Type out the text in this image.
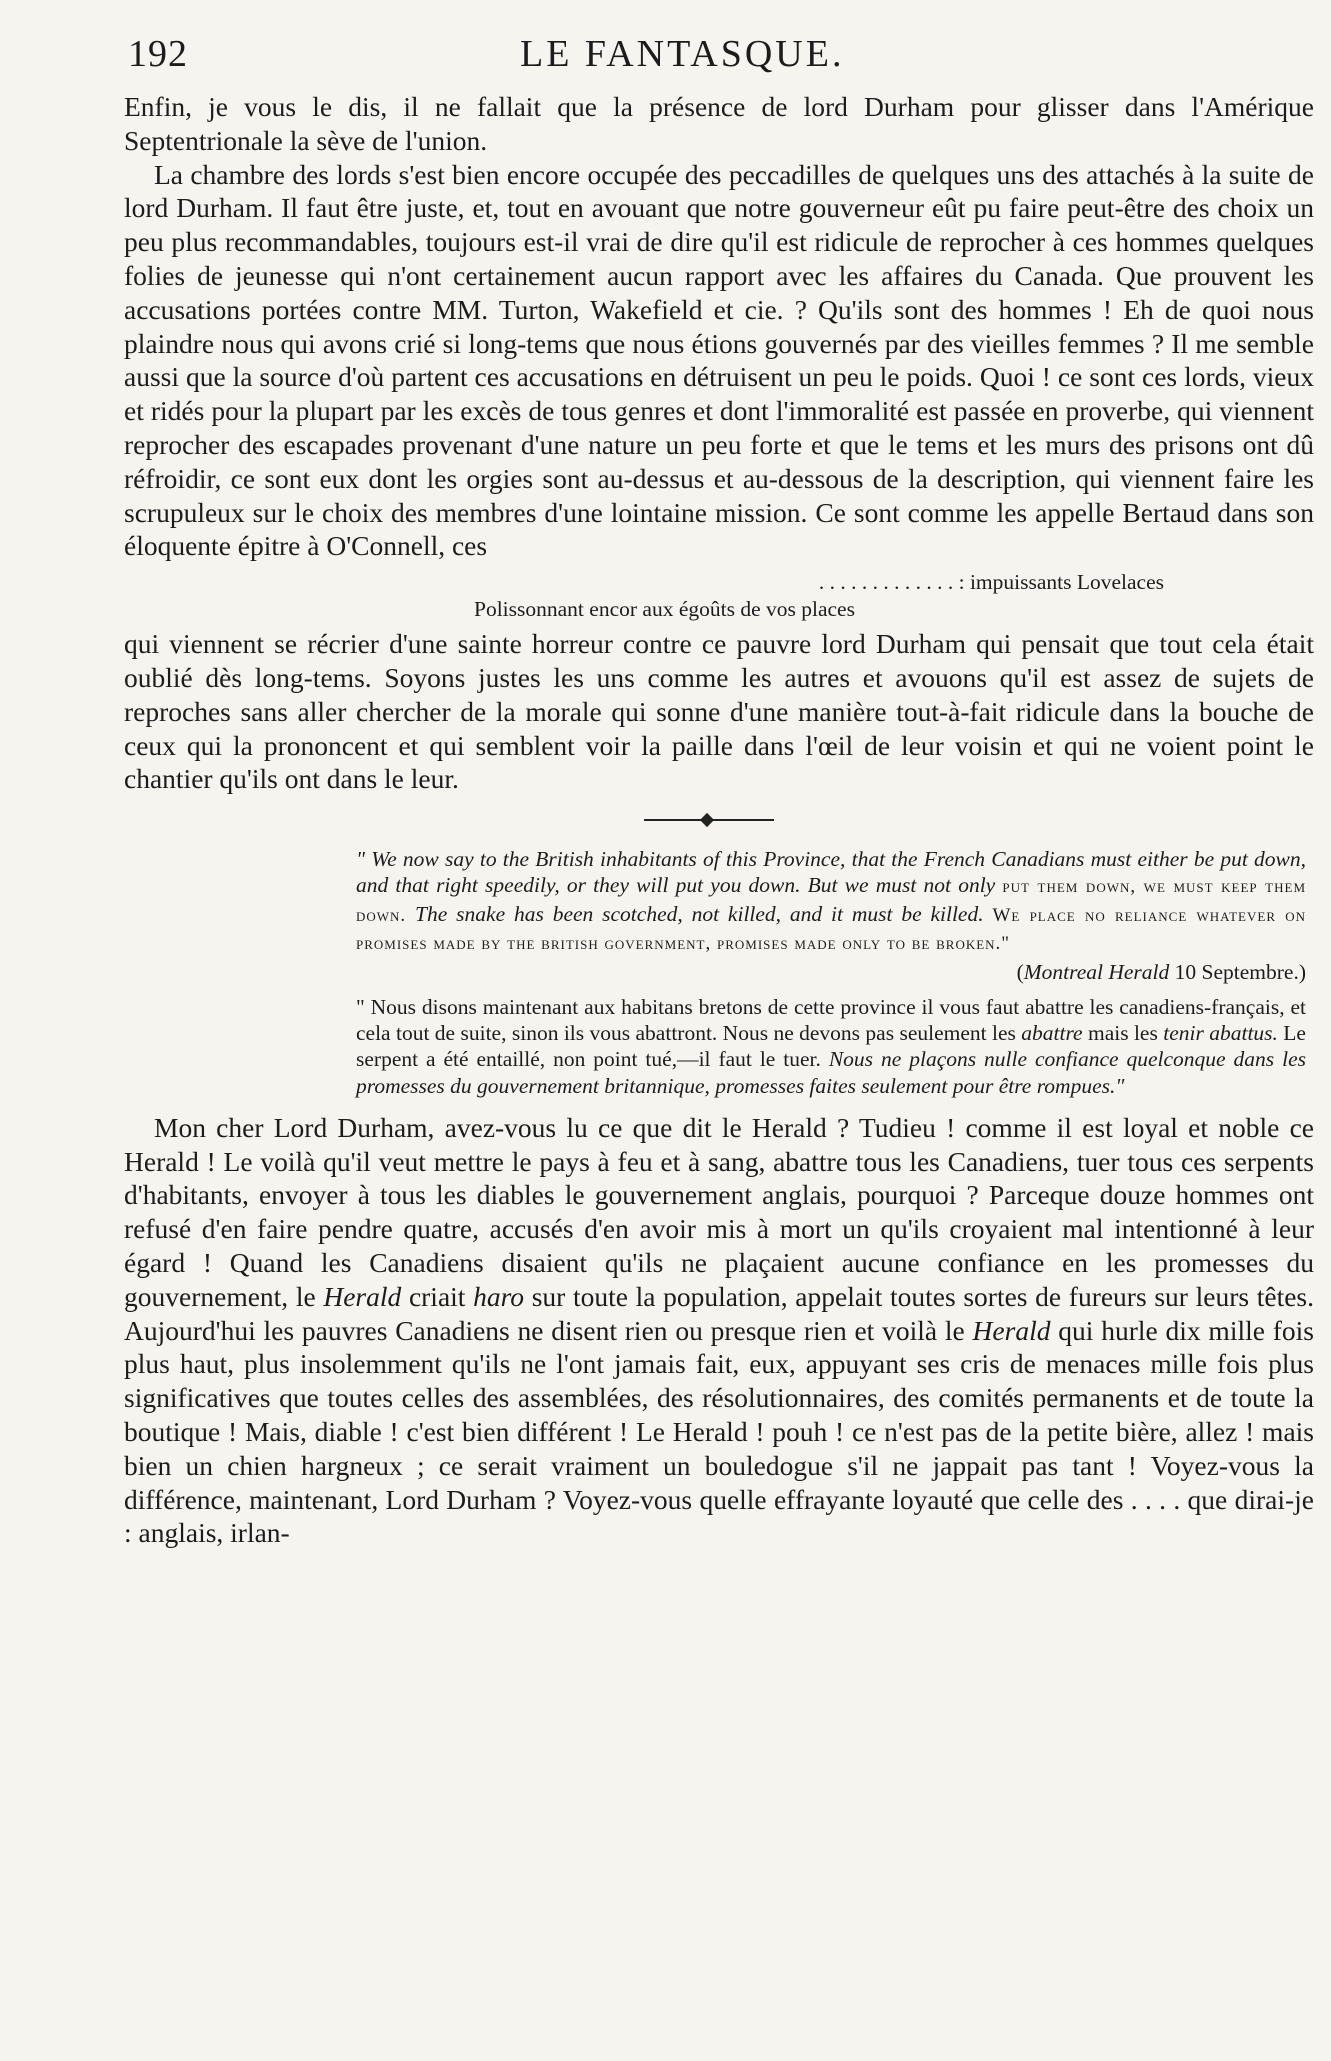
192	LE FANTASQUE.

Enfin, je vous le dis, il ne fallait que la présence de lord Durham pour glisser dans l'Amérique Septentrionale la sève de l'union.

La chambre des lords s'est bien encore occupée des peccadilles de quelques uns des attachés à la suite de lord Durham. Il faut être juste, et, tout en avouant que notre gouverneur eût pu faire peut-être des choix un peu plus recommandables, toujours est-il vrai de dire qu'il est ridicule de reprocher à ces hommes quelques folies de jeunesse qui n'ont certainement aucun rapport avec les affaires du Canada. Que prouvent les accusations portées contre MM. Turton, Wakefield et cie. ? Qu'ils sont des hommes ! Eh de quoi nous plaindre nous qui avons crié si long-tems que nous étions gouvernés par des vieilles femmes ? Il me semble aussi que la source d'où partent ces accusations en détruisent un peu le poids. Quoi ! ce sont ces lords, vieux et ridés pour la plupart par les excès de tous genres et dont l'immoralité est passée en proverbe, qui viennent reprocher des escapades provenant d'une nature un peu forte et que le tems et les murs des prisons ont dû réfroidir, ce sont eux dont les orgies sont au-dessus et au-dessous de la description, qui viennent faire les scrupuleux sur le choix des membres d'une lointaine mission. Ce sont comme les appelle Bertaud dans son éloquente épitre à O'Connell, ces

. . . . . . . . . . . . . : impuissants Lovelaces
Polissonnant encor aux égoûts de vos places

qui viennent se récrier d'une sainte horreur contre ce pauvre lord Durham qui pensait que tout cela était oublié dès long-tems. Soyons justes les uns comme les autres et avouons qu'il est assez de sujets de reproches sans aller chercher de la morale qui sonne d'une manière tout-à-fait ridicule dans la bouche de ceux qui la prononcent et qui semblent voir la paille dans l'œil de leur voisin et qui ne voient point le chantier qu'ils ont dans le leur.

" We now say to the British inhabitants of this Province, that the French Canadians must either be put down, and that right speedily, or they will put you down. But we must not only put them down, we must keep them down. The snake has been scotched, not killed, and it must be killed. We place no reliance whatever on promises made by the british government, promises made only to be broken."

(Montreal Herald 10 Septembre.)

" Nous disons maintenant aux habitans bretons de cette province il vous faut abattre les canadiens-français, et cela tout de suite, sinon ils vous abattront. Nous ne devons pas seulement les abattre mais les tenir abattus. Le serpent a été entaillé, non point tué,—il faut le tuer. Nous ne plaçons nulle confiance quelconque dans les promesses du gouvernement britannique, promesses faites seulement pour être rompues."

Mon cher Lord Durham, avez-vous lu ce que dit le Herald ? Tudieu ! comme il est loyal et noble ce Herald ! Le voilà qu'il veut mettre le pays à feu et à sang, abattre tous les Canadiens, tuer tous ces serpents d'habitants, envoyer à tous les diables le gouvernement anglais, pourquoi ? Parceque douze hommes ont refusé d'en faire pendre quatre, accusés d'en avoir mis à mort un qu'ils croyaient mal intentionné à leur égard ! Quand les Canadiens disaient qu'ils ne plaçaient aucune confiance en les promesses du gouvernement, le Herald criait haro sur toute la population, appelait toutes sortes de fureurs sur leurs têtes. Aujourd'hui les pauvres Canadiens ne disent rien ou presque rien et voilà le Herald qui hurle dix mille fois plus haut, plus insolemment qu'ils ne l'ont jamais fait, eux, appuyant ses cris de menaces mille fois plus significatives que toutes celles des assemblées, des résolutionnaires, des comités permanents et de toute la boutique ! Mais, diable ! c'est bien différent ! Le Herald ! pouh ! ce n'est pas de la petite bière, allez ! mais bien un chien hargneux ; ce serait vraiment un bouledogue s'il ne jappait pas tant ! Voyez-vous la différence, maintenant, Lord Durham ? Voyez-vous quelle effrayante loyauté que celle des . . . . que dirai-je : anglais, irlan-
